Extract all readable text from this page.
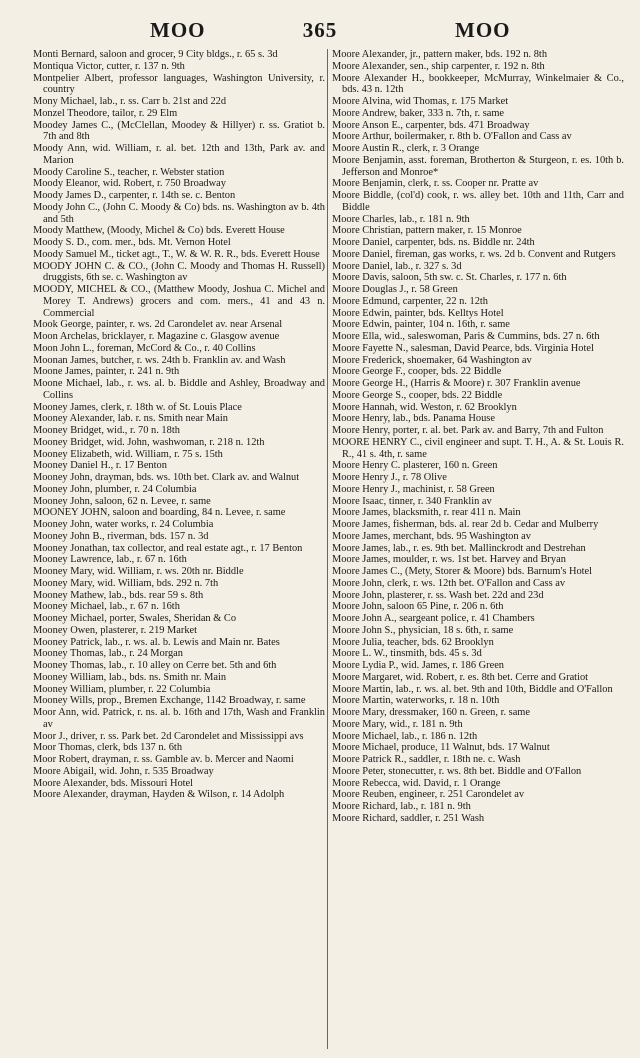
MOO	365	MOO
Monti Bernard, saloon and grocer, 9 City bldgs., r. 65 s. 3d
Montiqua Victor, cutter, r. 137 n. 9th
Montpelier Albert, professor languages, Washington University, r. country
Mony Michael, lab., r. ss. Carr b. 21st and 22d
Monzel Theodore, tailor, r. 29 Elm
Moodey James C., (McClellan, Moodey & Hillyer) r. ss. Gratiot b. 7th and 8th
Moody Ann, wid. William, r. al. bet. 12th and 13th, Park av. and Marion
Moody Caroline S., teacher, r. Webster station
Moody Eleanor, wid. Robert, r. 750 Broadway
Moody James D., carpenter, r. 14th se. c. Benton
Moody John C., (John C. Moody & Co) bds. ns. Washington av b. 4th and 5th
Moody Matthew, (Moody, Michel & Co) bds. Everett House
Moody S. D., com. mer., bds. Mt. Vernon Hotel
Moody Samuel M., ticket agt., T., W. & W. R. R., bds. Everett House
MOODY JOHN C. & CO., (John C. Moody and Thomas H. Russell) druggists, 6th se. c. Washington av
MOODY, MICHEL & CO., (Matthew Moody, Joshua C. Michel and Morey T. Andrews) grocers and com. mers., 41 and 43 n. Commercial
Mook George, painter, r. ws. 2d Carondelet av. near Arsenal
Moon Archelas, bricklayer, r. Magazine c. Glasgow avenue
Moon John L., foreman, McCord & Co., r. 40 Collins
Moonan James, butcher, r. ws. 24th b. Franklin av. and Wash
Moone James, painter, r. 241 n. 9th
Moone Michael, lab., r. ws. al. b. Biddle and Ashley, Broadway and Collins
Mooney James, clerk, r. 18th w. of St. Louis Place
Mooney Alexander, lab. r. ns. Smith near Main
Mooney Bridget, wid., r. 70 n. 18th
Mooney Bridget, wid. John, washwoman, r. 218 n. 12th
Mooney Elizabeth, wid. William, r. 75 s. 15th
Mooney Daniel H., r. 17 Benton
Mooney John, drayman, bds. ws. 10th bet. Clark av. and Walnut
Mooney John, plumber, r. 24 Columbia
Mooney John, saloon, 62 n. Levee, r. same
MOONEY JOHN, saloon and boarding, 84 n. Levee, r. same
Mooney John, water works, r. 24 Columbia
Mooney John B., riverman, bds. 157 n. 3d
Mooney Jonathan, tax collector, and real estate agt., r. 17 Benton
Mooney Lawrence, lab., r. 67 n. 16th
Mooney Mary, wid. William, r. ws. 20th nr. Biddle
Mooney Mary, wid. William, bds. 292 n. 7th
Mooney Mathew, lab., bds. rear 59 s. 8th
Mooney Michael, lab., r. 67 n. 16th
Mooney Michael, porter, Swales, Sheridan & Co
Mooney Owen, plasterer, r. 219 Market
Mooney Patrick, lab., r. ws. al. b. Lewis and Main nr. Bates
Mooney Thomas, lab., r. 24 Morgan
Mooney Thomas, lab., r. 10 alley on Cerre bet. 5th and 6th
Mooney William, lab., bds. ns. Smith nr. Main
Mooney William, plumber, r. 22 Columbia
Mooney Wills, prop., Bremen Exchange, 1142 Broadway, r. same
Moor Ann, wid. Patrick, r. ns. al. b. 16th and 17th, Wash and Franklin av
Moor J., driver, r. ss. Park bet. 2d Carondelet and Mississippi avs
Moor Thomas, clerk, bds 137 n. 6th
Moor Robert, drayman, r. ss. Gamble av. b. Mercer and Naomi
Moore Abigail, wid. John, r. 535 Broadway
Moore Alexander, bds. Missouri Hotel
Moore Alexander, drayman, Hayden & Wilson, r. 14 Adolph
Moore Alexander, jr., pattern maker, bds. 192 n. 8th
Moore Alexander, sen., ship carpenter, r. 192 n. 8th
Moore Alexander H., bookkeeper, McMurray, Winkelmaier & Co., bds. 43 n. 12th
Moore Alvina, wid Thomas, r. 175 Market
Moore Andrew, baker, 333 n. 7th, r. same
Moore Anson E., carpenter, bds. 471 Broadway
Moore Arthur, boilermaker, r. 8th b. O'Fallon and Cass av
Moore Austin R., clerk, r. 3 Orange
Moore Benjamin, asst. foreman, Brotherton & Sturgeon, r. es. 10th b. Jefferson and Monroe*
Moore Benjamin, clerk, r. ss. Cooper nr. Pratte av
Moore Biddle, (col'd) cook, r. ws. alley bet. 10th and 11th, Carr and Biddle
Moore Charles, lab., r. 181 n. 9th
Moore Christian, pattern maker, r. 15 Monroe
Moore Daniel, carpenter, bds. ns. Biddle nr. 24th
Moore Daniel, fireman, gas works, r. ws. 2d b. Convent and Rutgers
Moore Daniel, lab., r. 327 s. 3d
Moore Davis, saloon, 5th sw. c. St. Charles, r. 177 n. 6th
Moore Douglas J., r. 58 Green
Moore Edmund, carpenter, 22 n. 12th
Moore Edwin, painter, bds. Kelltys Hotel
Moore Edwin, painter, 104 n. 16th, r. same
Moore Ella, wid., saleswoman, Paris & Cummins, bds. 27 n. 6th
Moore Fayette N., salesman, David Pearce, bds. Virginia Hotel
Moore Frederick, shoemaker, 64 Washington av
Moore George F., cooper, bds. 22 Biddle
Moore George H., (Harris & Moore) r. 307 Franklin avenue
Moore George S., cooper, bds. 22 Biddle
Moore Hannah, wid. Weston, r. 62 Brooklyn
Moore Henry, lab., bds. Panama House
Moore Henry, porter, r. al. bet. Park av. and Barry, 7th and Fulton
MOORE HENRY C., civil engineer and supt. T. H., A. & St. Louis R. R., 41 s. 4th, r. same
Moore Henry C. plasterer, 160 n. Green
Moore Henry J., r. 78 Olive
Moore Henry J., machinist, r. 58 Green
Moore Isaac, tinner, r. 340 Franklin av
Moore James, blacksmith, r. rear 411 n. Main
Moore James, fisherman, bds. al. rear 2d b. Cedar and Mulberry
Moore James, merchant, bds. 95 Washington av
Moore James, lab., r. es. 9th bet. Mallinckrodt and Destrehan
Moore James, moulder, r. ws. 1st bet. Harvey and Bryan
Moore James C., (Mety, Storer & Moore) bds. Barnum's Hotel
Moore John, clerk, r. ws. 12th bet. O'Fallon and Cass av
Moore John, plasterer, r. ss. Wash bet. 22d and 23d
Moore John, saloon 65 Pine, r. 206 n. 6th
Moore John A., seargeant police, r. 41 Chambers
Moore John S., physician, 18 s. 6th, r. same
Moore Julia, teacher, bds. 62 Brooklyn
Moore L. W., tinsmith, bds. 45 s. 3d
Moore Lydia P., wid. James, r. 186 Green
Moore Margaret, wid. Robert, r. es. 8th bet. Cerre and Gratiot
Moore Martin, lab., r. ws. al. bet. 9th and 10th, Biddle and O'Fallon
Moore Martin, waterworks, r. 18 n. 10th
Moore Mary, dressmaker, 160 n. Green, r. same
Moore Mary, wid., r. 181 n. 9th
Moore Michael, lab., r. 186 n. 12th
Moore Michael, produce, 11 Walnut, bds. 17 Walnut
Moore Patrick R., saddler, r. 18th ne. c. Wash
Moore Peter, stonecutter, r. ws. 8th bet. Biddle and O'Fallon
Moore Rebecca, wid. David, r. 1 Orange
Moore Reuben, engineer, r. 251 Carondelet av
Moore Richard, lab., r. 181 n. 9th
Moore Richard, saddler, r. 251 Wash
